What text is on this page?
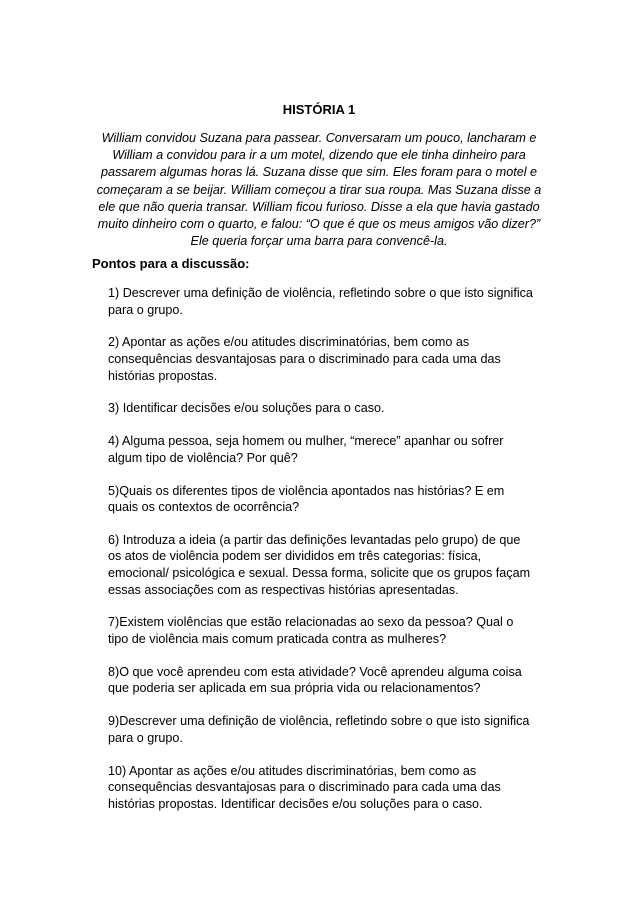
HISTÓRIA 1

William convidou Suzana para passear. Conversaram um pouco, lancharam e
William a convidou para ir a um motel, dizendo que ele tinha dinheiro para
passarem algumas horas lá. Suzana disse que sim. Eles foram para o motel e
começaram a se beijar. William começou a tirar sua roupa. Mas Suzana disse a
ele que não queria transar. William ficou furioso. Disse a ela que havia gastado
muito dinheiro com o quarto, e falou: “O que é que os meus amigos vão dizer?”
Ele queria forçar uma barra para convencê-la.

Pontos para a discussão:
1) Descrever uma definição de violência, refletindo sobre o que isto significa
para o grupo.
2) Apontar as ações e/ou atitudes discriminatórias, bem como as
consequências desvantajosas para o discriminado para cada uma das
histórias propostas.
3) Identificar decisões e/ou soluções para o caso.
4) Alguma pessoa, seja homem ou mulher, “merece” apanhar ou sofrer
algum tipo de violência? Por quê?
5)Quais os diferentes tipos de violência apontados nas histórias? E em
quais os contextos de ocorrência?
6) Introduza a ideia (a partir das definições levantadas pelo grupo) de que
os atos de violência podem ser divididos em três categorias: física,
emocional/ psicológica e sexual. Dessa forma, solicite que os grupos façam
essas associações com as respectivas histórias apresentadas.
7)Existem violências que estão relacionadas ao sexo da pessoa? Qual o
tipo de violência mais comum praticada contra as mulheres?
8)O que você aprendeu com esta atividade? Você aprendeu alguma coisa
que poderia ser aplicada em sua própria vida ou relacionamentos?
9)Descrever uma definição de violência, refletindo sobre o que isto significa
para o grupo.
10) Apontar as ações e/ou atitudes discriminatórias, bem como as
consequências desvantajosas para o discriminado para cada uma das
histórias propostas. Identificar decisões e/ou soluções para o caso.
